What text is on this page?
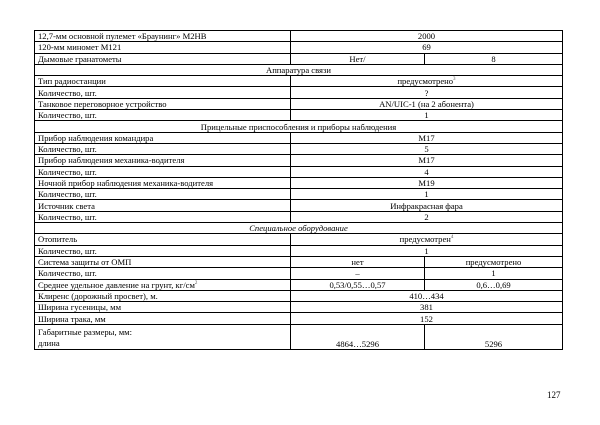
12,7-мм основной пулемет «Браунинг» М2НВ	2000	
120-мм миномет М121	69	
Дымовые гранатометы	Нет/	8
Аппаратура связи		
Тип радиостанции	предусмотрено$^3$
Количество, шт.	?	
Танковое переговорное устройство	AN/UIC-1 (на 2 абонента)	
Количество, шт.	1	
Прицельные приспособления и приборы наблюдения		
Прибор наблюдения командира	М17	
Количество, шт.	5	
Прибор наблюдения механика-водителя	М17	
Количество, шт.	4	
Ночной прибор наблюдения механика-водителя	М19	
Количество, шт.	1	
Источник света	Инфракрасная фара	
Количество, шт.	2	
Специальное оборудование		
Отопитель	предусмотрен$^4$
Количество, шт.	1	
Система защиты от ОМП	нет	предусмотрено
Количество, шт.	–	1
Среднее удельное давление на грунт, $кг/см^2$	0,53/0,55…0,57	0,6…0,69
Клиренс (дорожный просвет), м.	410…434	
Ширина гусеницы, мм	381	
Ширина трака, мм	152	
Габаритные размеры, мм:
длина	4864…5296	5296
127
